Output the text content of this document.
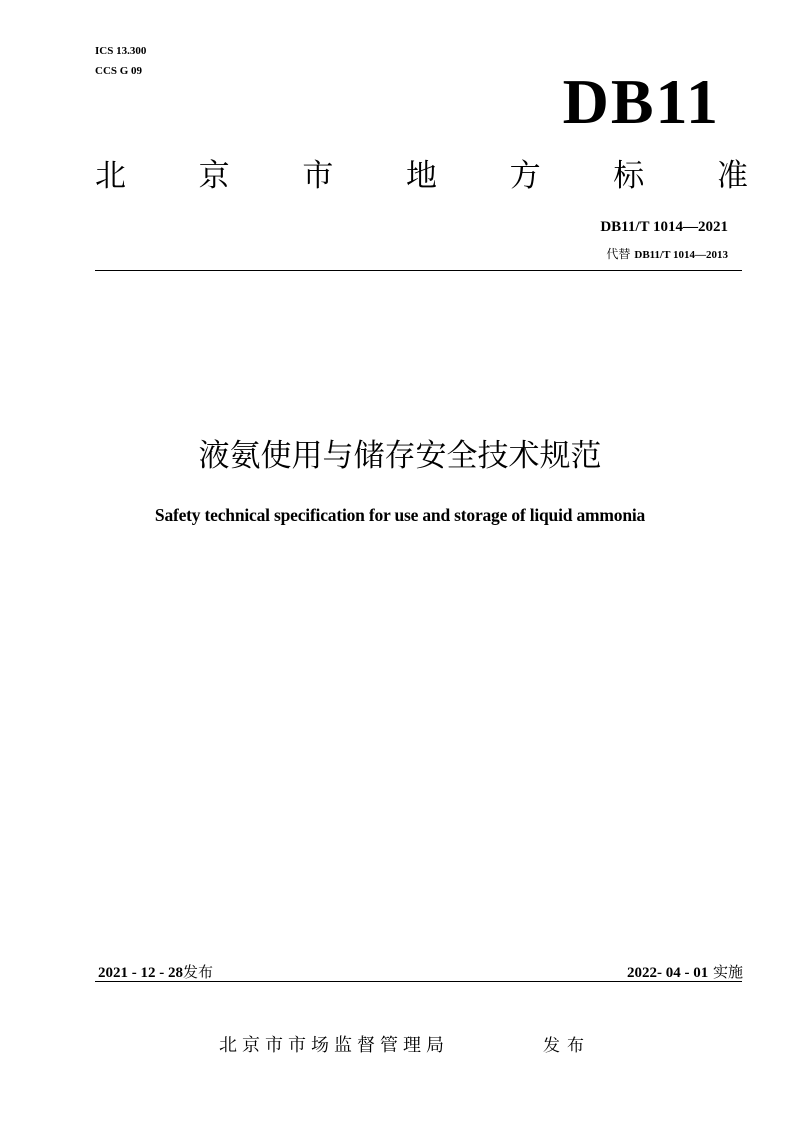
ICS 13.300
CCS G 09	DB11
北 京 市 地 方 标 准
DB11/T 1014—2021
代替 DB11/T 1014—2013
液氨使用与储存安全技术规范
Safety technical specification for use and storage of liquid ammonia
2021 - 12 - 28发布	2022- 04 - 01 实施
北京市市场监督管理局	发布
